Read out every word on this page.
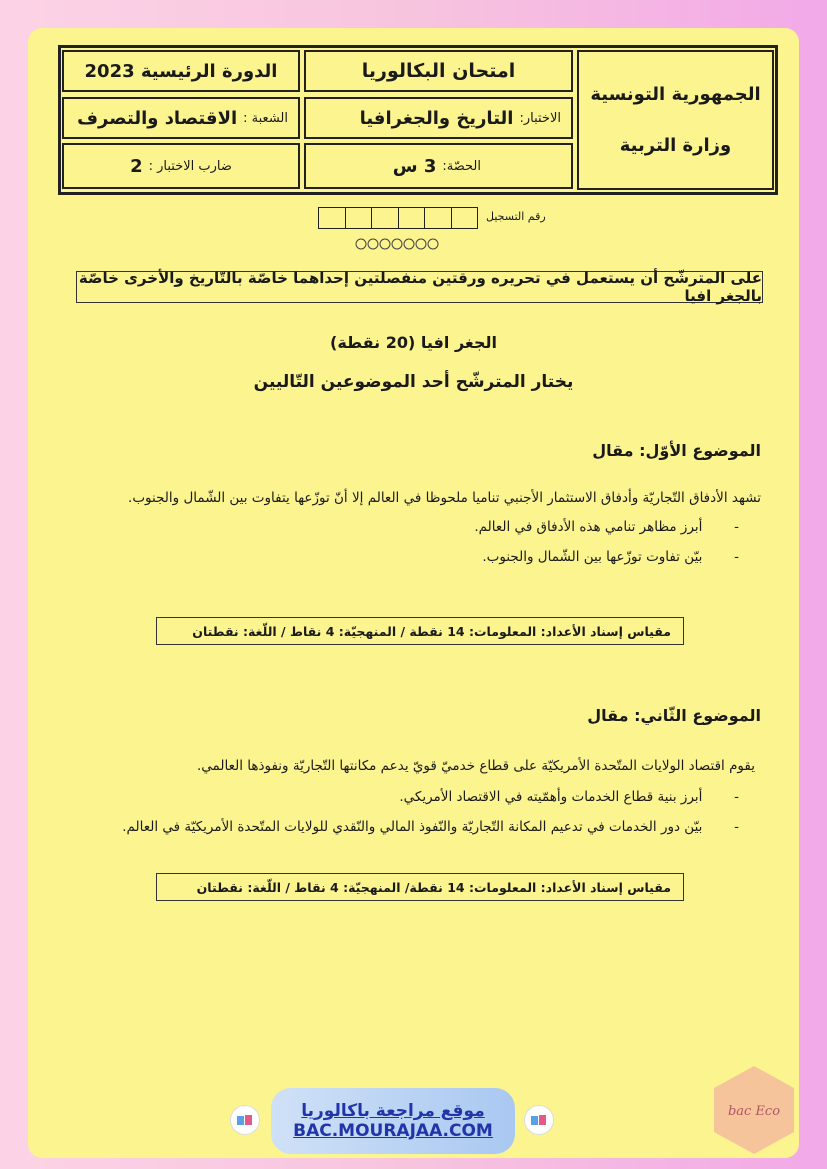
الجمهورية التونسية
وزارة التربية
امتحان البكالوريا
الدورة الرئيسية 2023
الاختبار:
التاريخ والجغرافيا
الشعبة :
الاقتصاد والتصرف
الحصّة:
3 س
ضارب الاختبار :
2
رقم التسجيل
على المترشّح أن يستعمل في تحريره ورقتين منفصلتين إحداهما خاصّة بالتّاريخ والأخرى خاصّة بالجغر افيا
الجغر افيا (20 نقطة)
يختار المترشّح أحد الموضوعين التّاليين
الموضوع الأوّل: مقال
تشهد الأدفاق التّجاريّة وأدفاق الاستثمار الأجنبي تناميا ملحوظا في العالم إلا أنّ توزّعها يتفاوت بين الشّمال والجنوب.
-  أبرز مظاهر تنامي هذه الأدفاق في العالم.
-  بيّن تفاوت توزّعها بين الشّمال والجنوب.
مقياس إسناد الأعداد: المعلومات: 14 نقطة / المنهجيّة: 4 نقاط / اللّغة: نقطتان
الموضوع الثّاني: مقال
يقوم اقتصاد الولايات المتّحدة الأمريكيّة على قطاع خدميّ قويّ يدعم مكانتها التّجاريّة ونفوذها العالمي.
-  أبرز بنية قطاع الخدمات وأهمّيته في الاقتصاد الأمريكي.
-  بيّن دور الخدمات في تدعيم المكانة التّجاريّة والنّفوذ المالي والنّقدي للولايات المتّحدة الأمريكيّة في العالم.
مقياس إسناد الأعداد: المعلومات: 14 نقطة/ المنهجيّة: 4 نقاط / اللّغة: نقطتان
موقع مراجعة باكالوريا
BAC.MOURAJAA.COM
bac Eco
